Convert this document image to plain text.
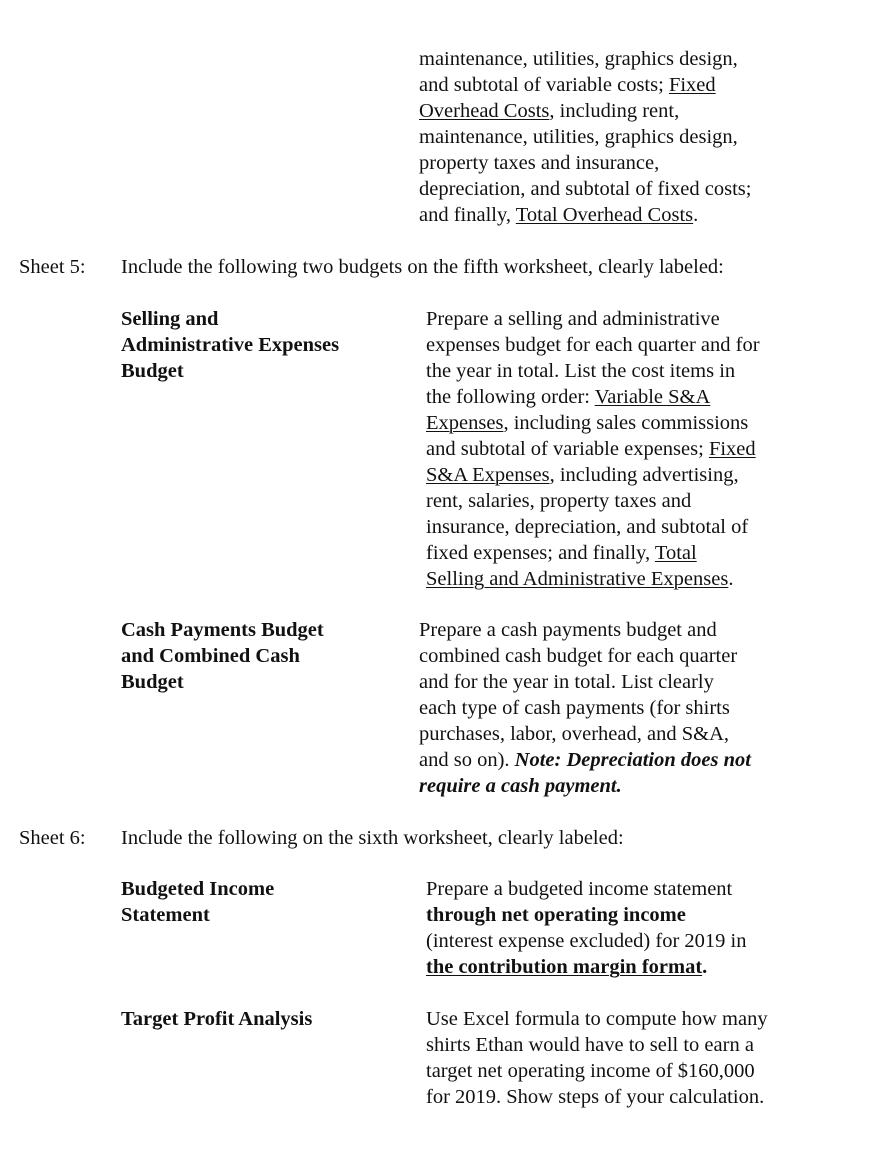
maintenance, utilities, graphics design,
and subtotal of variable costs; Fixed
Overhead Costs, including rent,
maintenance, utilities, graphics design,
property taxes and insurance,
depreciation, and subtotal of fixed costs;
and finally, Total Overhead Costs.
Sheet 5: Include the following two budgets on the fifth worksheet, clearly labeled:
Selling and
Administrative Expenses
Budget
Prepare a selling and administrative
expenses budget for each quarter and for
the year in total. List the cost items in
the following order: Variable S&A
Expenses, including sales commissions
and subtotal of variable expenses; Fixed
S&A Expenses, including advertising,
rent, salaries, property taxes and
insurance, depreciation, and subtotal of
fixed expenses; and finally, Total
Selling and Administrative Expenses.
Cash Payments Budget
and Combined Cash
Budget
Prepare a cash payments budget and
combined cash budget for each quarter
and for the year in total. List clearly
each type of cash payments (for shirts
purchases, labor, overhead, and S&A,
and so on). Note: Depreciation does not
require a cash payment.
Sheet 6: Include the following on the sixth worksheet, clearly labeled:
Budgeted Income
Statement
Prepare a budgeted income statement
through net operating income
(interest expense excluded) for 2019 in
the contribution margin format.
Target Profit Analysis	Use Excel formula to compute how many
shirts Ethan would have to sell to earn a
target net operating income of $160,000
for 2019. Show steps of your calculation.
